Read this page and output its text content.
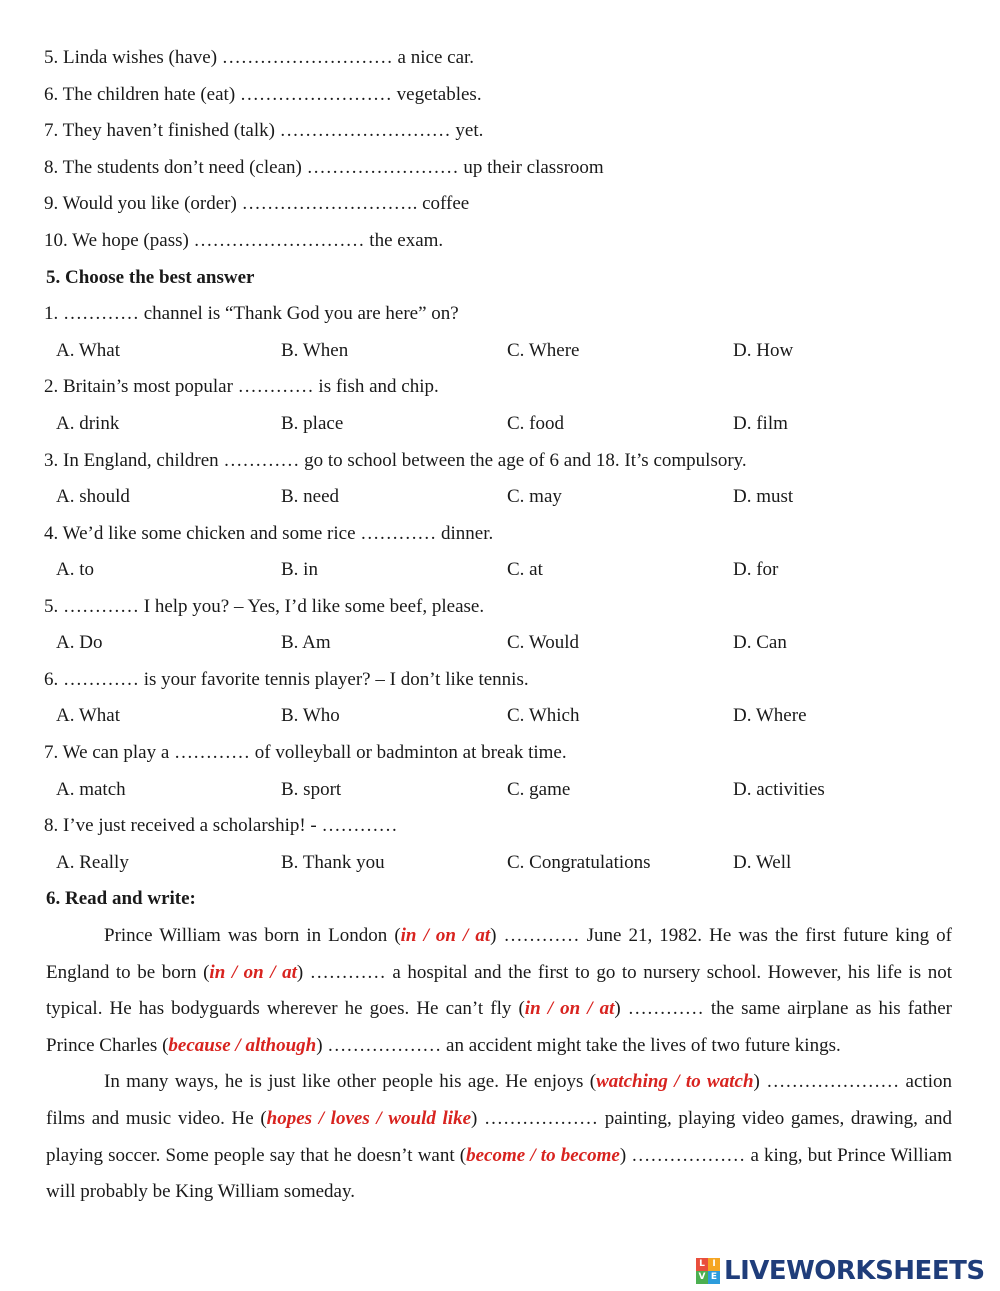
5. Linda wishes (have) ……………………… a nice car.
6. The children hate (eat) …………………… vegetables.
7. They haven’t finished (talk) ……………………… yet.
8. The students don’t need (clean) …………………… up their classroom
9. Would you like (order) ………………………. coffee
10. We hope (pass) ……………………… the exam.
5. Choose the best answer
1. ………… channel is “Thank God you are here” on?
A. What	B. When	C. Where	D. How
2. Britain’s most popular ………… is fish and chip.
A. drink	B. place	C. food	D. film
3. In England, children ………… go to school between the age of 6 and 18. It’s compulsory.
A. should	B. need	C. may	D. must
4. We’d like some chicken and some rice ………… dinner.
A. to	B. in	C. at	D. for
5. ………… I help you? – Yes, I’d like some beef, please.
A. Do	B. Am	C. Would	D. Can
6. ………… is your favorite tennis player? – I don’t like tennis.
A. What	B. Who	C. Which	D. Where
7. We can play a ………… of volleyball or badminton at break time.
A. match	B. sport	C. game	D. activities
8. I’ve just received a scholarship! - …………
A. Really	B. Thank you	C. Congratulations	D. Well
6. Read and write:

Prince William was born in London (in / on / at) ………… June 21, 1982. He was the first future king of England to be born (in / on / at) ………… a hospital and the first to go to nursery school. However, his life is not typical. He has bodyguards wherever he goes. He can’t fly (in / on / at) ………… the same airplane as his father Prince Charles (because / although) ……………… an accident might take the lives of two future kings.

In many ways, he is just like other people his age. He enjoys (watching / to watch) ………………… action films and music video. He (hopes / loves / would like) ……………… painting, playing video games, drawing, and playing soccer. Some people say that he doesn’t want (become / to become) ……………… a king, but Prince William will probably be King William someday.

L I
V E LIVEWORKSHEETS
